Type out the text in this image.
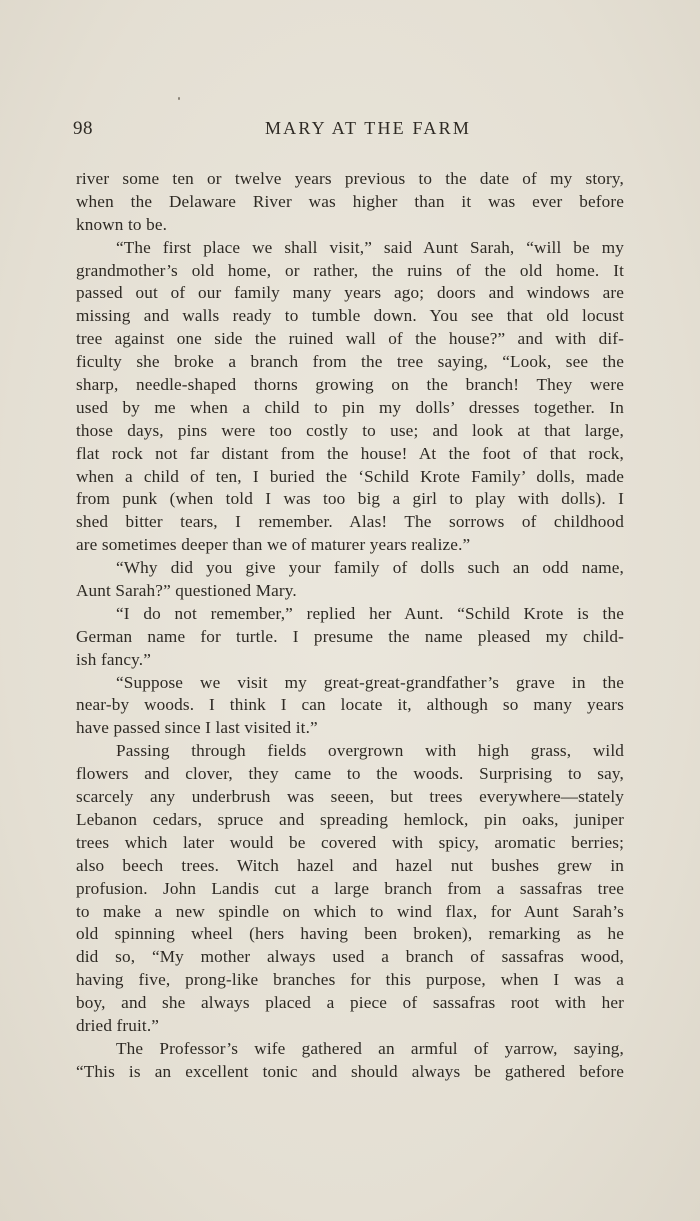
98	MARY AT THE FARM
river some ten or twelve years previous to the date of my story,
when the Delaware River was higher than it was ever before
known to be.
“The first place we shall visit,” said Aunt Sarah, “will be my
grandmother’s old home, or rather, the ruins of the old home. It
passed out of our family many years ago; doors and windows are
missing and walls ready to tumble down. You see that old locust
tree against one side the ruined wall of the house?” and with dif-
ficulty she broke a branch from the tree saying, “Look, see the
sharp, needle-shaped thorns growing on the branch! They were
used by me when a child to pin my dolls’ dresses together. In
those days, pins were too costly to use; and look at that large,
flat rock not far distant from the house! At the foot of that rock,
when a child of ten, I buried the ‘Schild Krote Family’ dolls, made
from punk (when told I was too big a girl to play with dolls). I
shed bitter tears, I remember. Alas! The sorrows of childhood
are sometimes deeper than we of maturer years realize.”
“Why did you give your family of dolls such an odd name,
Aunt Sarah?” questioned Mary.
“I do not remember,” replied her Aunt. “Schild Krote is the
German name for turtle. I presume the name pleased my child-
ish fancy.”
“Suppose we visit my great-great-grandfather’s grave in the
near-by woods. I think I can locate it, although so many years
have passed since I last visited it.”
Passing through fields overgrown with high grass, wild
flowers and clover, they came to the woods. Surprising to say,
scarcely any underbrush was seeen, but trees everywhere—stately
Lebanon cedars, spruce and spreading hemlock, pin oaks, juniper
trees which later would be covered with spicy, aromatic berries;
also beech trees. Witch hazel and hazel nut bushes grew in
profusion. John Landis cut a large branch from a sassafras tree
to make a new spindle on which to wind flax, for Aunt Sarah’s
old spinning wheel (hers having been broken), remarking as he
did so, “My mother always used a branch of sassafras wood,
having five, prong-like branches for this purpose, when I was a
boy, and she always placed a piece of sassafras root with her
dried fruit.”
The Professor’s wife gathered an armful of yarrow, saying,
“This is an excellent tonic and should always be gathered before
